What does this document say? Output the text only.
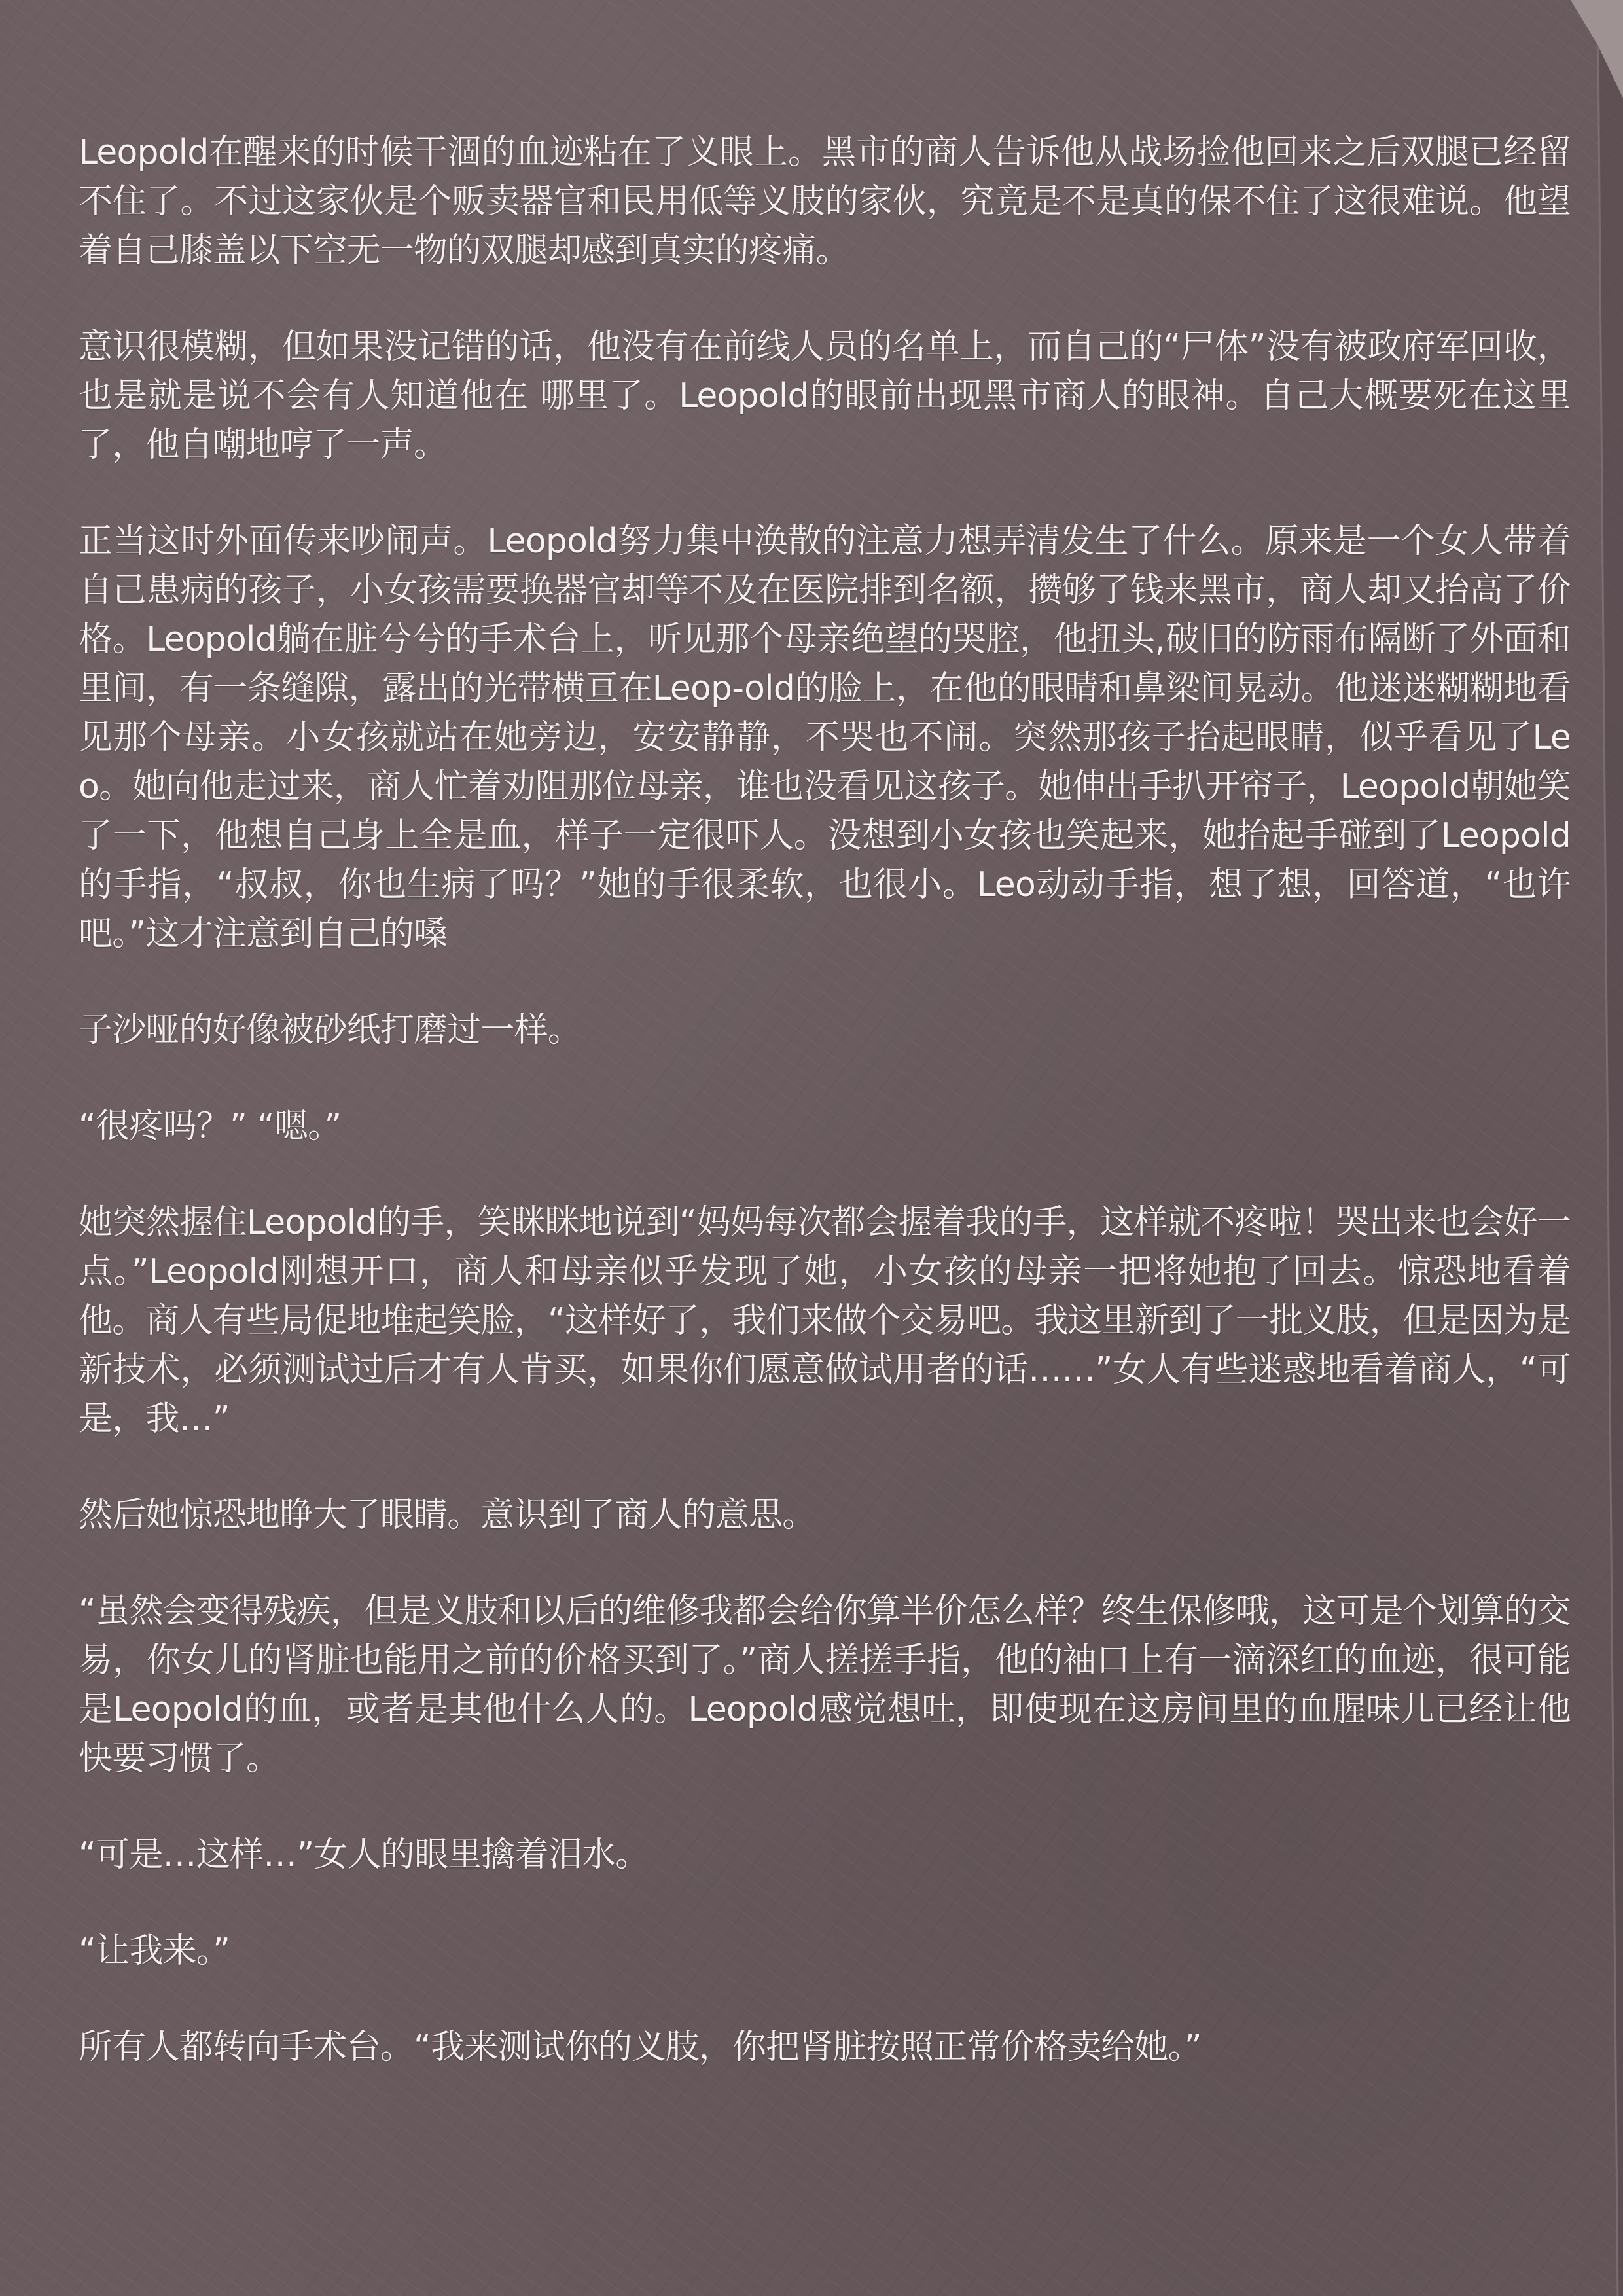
Leopold在醒来的时候干涸的血迹粘在了义眼上。黑市的商人告诉他从战场捡他回来之后双腿已经留不住了。不过这家伙是个贩卖器官和民用低等义肢的家伙，究竟是不是真的保不住了这很难说。他望着自己膝盖以下空无一物的双腿却感到真实的疼痛。

意识很模糊，但如果没记错的话，他没有在前线人员的名单上，而自己的“尸体”没有被政府军回收，也是就是说不会有人知道他在 哪里了。Leopold的眼前出现黑市商人的眼神。自己大概要死在这里了，他自嘲地哼了一声。

正当这时外面传来吵闹声。Leopold努力集中涣散的注意力想弄清发生了什么。原来是一个女人带着自己患病的孩子，小女孩需要换器官却等不及在医院排到名额，攒够了钱来黑市，商人却又抬高了价格。Leopold躺在脏兮兮的手术台上，听见那个母亲绝望的哭腔，他扭头,破旧的防雨布隔断了外面和里间，有一条缝隙，露出的光带横亘在Leop-old的脸上，在他的眼睛和鼻梁间晃动。他迷迷糊糊地看见那个母亲。小女孩就站在她旁边，安安静静，不哭也不闹。突然那孩子抬起眼睛，似乎看见了Leo。她向他走过来，商人忙着劝阻那位母亲，谁也没看见这孩子。她伸出手扒开帘子，Leopold朝她笑了一下，他想自己身上全是血，样子一定很吓人。没想到小女孩也笑起来，她抬起手碰到了Leopold的手指，“叔叔，你也生病了吗？”她的手很柔软，也很小。Leo动动手指，想了想，回答道，“也许吧。”这才注意到自己的嗓

子沙哑的好像被砂纸打磨过一样。

“很疼吗？” “嗯。”

她突然握住Leopold的手，笑眯眯地说到“妈妈每次都会握着我的手，这样就不疼啦！哭出来也会好一点。”Leopold刚想开口，商人和母亲似乎发现了她，小女孩的母亲一把将她抱了回去。惊恐地看着他。商人有些局促地堆起笑脸，“这样好了，我们来做个交易吧。我这里新到了一批义肢，但是因为是新技术，必须测试过后才有人肯买，如果你们愿意做试用者的话……”女人有些迷惑地看着商人，“可是，我…”

然后她惊恐地睁大了眼睛。意识到了商人的意思。

“虽然会变得残疾，但是义肢和以后的维修我都会给你算半价怎么样？终生保修哦，这可是个划算的交易，你女儿的肾脏也能用之前的价格买到了。”商人搓搓手指，他的袖口上有一滴深红的血迹，很可能是Leopold的血，或者是其他什么人的。Leopold感觉想吐，即使现在这房间里的血腥味儿已经让他快要习惯了。

“可是…这样…”女人的眼里擒着泪水。

“让我来。”

所有人都转向手术台。“我来测试你的义肢，你把肾脏按照正常价格卖给她。”
